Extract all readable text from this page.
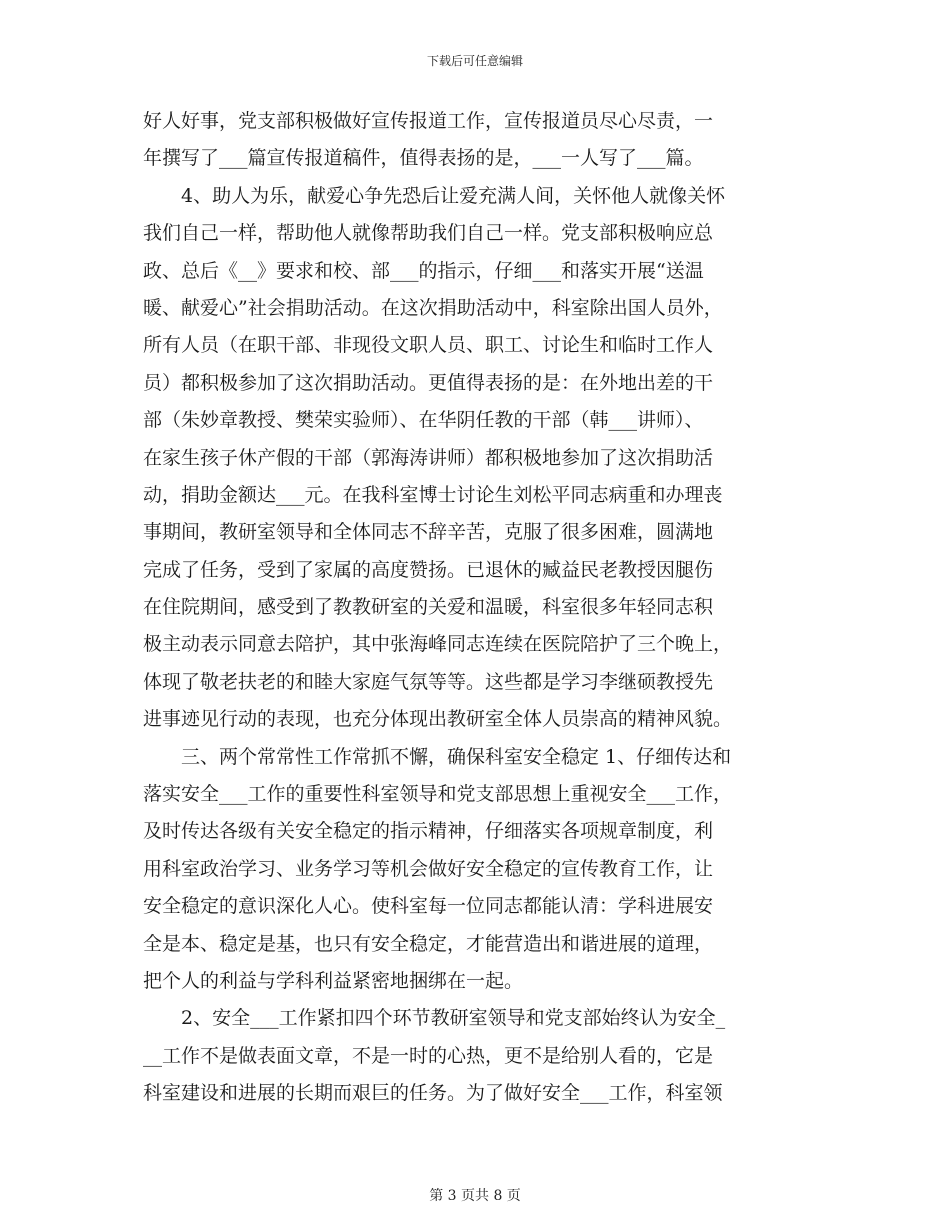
下载后可任意编辑
好人好事，党支部积极做好宣传报道工作，宣传报道员尽心尽责，一
年撰写了___篇宣传报道稿件，值得表扬的是，___一人写了___篇。
　　4、助人为乐，献爱心争先恐后让爱充满人间，关怀他人就像关怀
我们自己一样，帮助他人就像帮助我们自己一样。党支部积极响应总
政、总后《__》要求和校、部___的指示，仔细___和落实开展“送温
暖、献爱心”社会捐助活动。在这次捐助活动中，科室除出国人员外，
所有人员（在职干部、非现役文职人员、职工、讨论生和临时工作人
员）都积极参加了这次捐助活动。更值得表扬的是：在外地出差的干
部（朱妙章教授、樊荣实验师）、在华阴任教的干部（韩___讲师）、
在家生孩子休产假的干部（郭海涛讲师）都积极地参加了这次捐助活
动，捐助金额达___元。在我科室博士讨论生刘松平同志病重和办理丧
事期间，教研室领导和全体同志不辞辛苦，克服了很多困难，圆满地
完成了任务，受到了家属的高度赞扬。已退休的臧益民老教授因腿伤
在住院期间，感受到了教教研室的关爱和温暖，科室很多年轻同志积
极主动表示同意去陪护，其中张海峰同志连续在医院陪护了三个晚上，
体现了敬老扶老的和睦大家庭气氛等等。这些都是学习李继硕教授先
进事迹见行动的表现，也充分体现出教研室全体人员崇高的精神风貌。
　　三、两个常常性工作常抓不懈，确保科室安全稳定 1、仔细传达和
落实安全___工作的重要性科室领导和党支部思想上重视安全___工作，
及时传达各级有关安全稳定的指示精神，仔细落实各项规章制度，利
用科室政治学习、业务学习等机会做好安全稳定的宣传教育工作，让
安全稳定的意识深化人心。使科室每一位同志都能认清：学科进展安
全是本、稳定是基，也只有安全稳定，才能营造出和谐进展的道理，
把个人的利益与学科利益紧密地捆绑在一起。
　　2、安全___工作紧扣四个环节教研室领导和党支部始终认为安全_
__工作不是做表面文章，不是一时的心热，更不是给别人看的，它是
科室建设和进展的长期而艰巨的任务。为了做好安全___工作，科室领
第 3 页共 8 页
